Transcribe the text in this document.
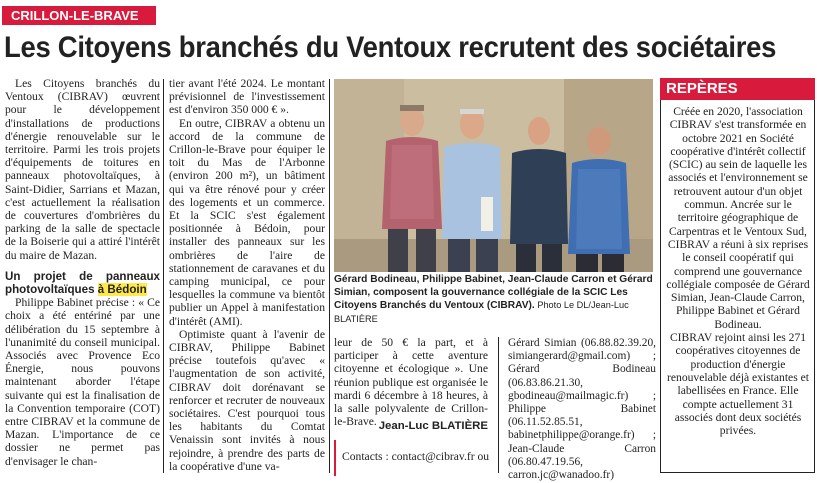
CRILLON-LE-BRAVE
Les Citoyens branchés du Ventoux recrutent des sociétaires

Les Citoyens branchés du Ventoux (CIBRAV) œuvrent pour le développement d'installations de productions d'énergie renouvelable sur le territoire. Parmi les trois projets d'équipements de toitures en panneaux photovoltaïques, à Saint-Didier, Sarrians et Mazan, c'est actuellement la réalisation de couvertures d'ombrières du parking de la salle de spectacle de la Boiserie qui a attiré l'intérêt du maire de Mazan.

Un projet de panneaux photovoltaïques à Bédoin

Philippe Babinet précise : « Ce choix a été entériné par une délibération du 15 septembre à l'unanimité du conseil municipal. Associés avec Provence Eco Énergie, nous pouvons maintenant aborder l'étape suivante qui est la finalisation de la Convention temporaire (COT) entre CIBRAV et la commune de Mazan. L'importance de ce dossier ne permet pas d'envisager le chan-

tier avant l'été 2024. Le montant prévisionnel de l'investissement est d'environ 350 000 € ».

En outre, CIBRAV a obtenu un accord de la commune de Crillon-le-Brave pour équiper le toit du Mas de l'Arbonne (environ 200 m²), un bâtiment qui va être rénové pour y créer des logements et un commerce. Et la SCIC s'est également positionnée à Bédoin, pour installer des panneaux sur les ombrières de l'aire de stationnement de caravanes et du camping municipal, ce pour lesquelles la commune va bientôt publier un Appel à manifestation d'intérêt (AMI).

Optimiste quant à l'avenir de CIBRAV, Philippe Babinet précise toutefois qu'avec « l'augmentation de son activité, CIBRAV doit dorénavant se renforcer et recruter de nouveaux sociétaires. C'est pourquoi tous les habitants du Comtat Venaissin sont invités à nous rejoindre, à prendre des parts de la coopérative d'une va-

Gérard Bodineau, Philippe Babinet, Jean-Claude Carron et Gérard Simian, composent la gouvernance collégiale de la SCIC Les Citoyens Branchés du Ventoux (CIBRAV). Photo Le DL/Jean-Luc BLATIÈRE

leur de 50 € la part, et à participer à cette aventure citoyenne et écologique ». Une réunion publique est organisée le mardi 6 décembre à 18 heures, à la salle polyvalente de Crillon-le-Brave. Jean-Luc BLATIÈRE
Contacts : contact@cibrav.fr ou

Gérard Simian (06.88.82.39.20, simiangerard@gmail.com) ; Gérard Bodineau (06.83.86.21.30, gbodineau@mailmagic.fr) ; Philippe Babinet (06.11.52.85.51, babinetphilippe@orange.fr) ; Jean-Claude Carron (06.80.47.19.56, carron.jc@wanadoo.fr)

REPÈRES

Créée en 2020, l'association CIBRAV s'est transformée en octobre 2021 en Société coopérative d'intérêt collectif (SCIC) au sein de laquelle les associés et l'environnement se retrouvent autour d'un objet commun. Ancrée sur le territoire géographique de Carpentras et le Ventoux Sud, CIBRAV a réuni à six reprises le conseil coopératif qui comprend une gouvernance collégiale composée de Gérard Simian, Jean-Claude Carron, Philippe Babinet et Gérard Bodineau.

CIBRAV rejoint ainsi les 271 coopératives citoyennes de production d'énergie renouvelable déjà existantes et labellisées en France. Elle compte actuellement 31 associés dont deux sociétés privées.
